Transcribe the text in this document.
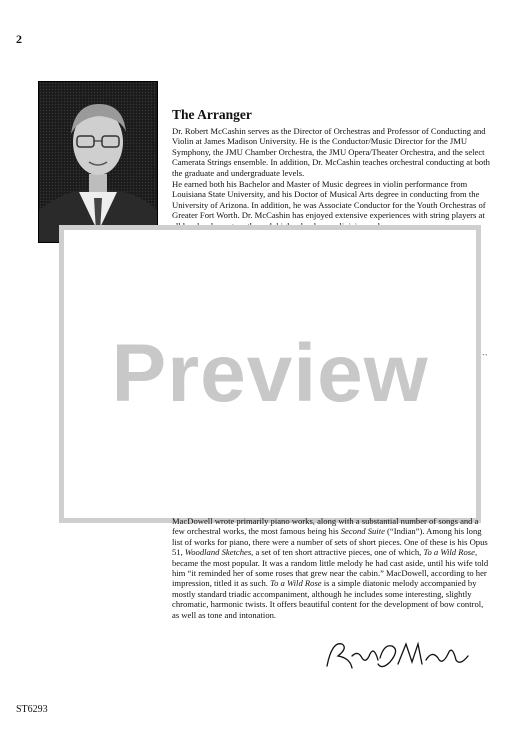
2
The Arranger
Dr. Robert McCashin serves as the Director of Orchestras and Professor of Conducting and Violin at James Madison University. He is the Conductor/Music Director for the JMU Symphony, the JMU Chamber Orchestra, the JMU Opera/Theater Orchestra, and the select Camerata Strings ensemble. In addition, Dr. McCashin teaches orchestral conducting at both the graduate and undergraduate levels.
He earned both his Bachelor and Master of Music degrees in violin performance from Louisiana State University, and his Doctor of Musical Arts degree in conducting from the University of Arizona. In addition, he was Associate Conductor for the Youth Orchestras of Greater Fort Worth. Dr. McCashin has enjoyed extensive experiences with string players at
``
Preview

MacDowell wrote primarily piano works, along with a substantial number of songs and a few orchestral works, the most famous being his Second Suite (“Indian”). Among his long list of works for piano, there were a number of sets of short pieces. One of these is his Opus 51, Woodland Sketches, a set of ten short attractive pieces, one of which, To a Wild Rose, became the most popular. It was a random little melody he had cast aside, until his wife told him “it reminded her of some roses that grew near the cabin.” MacDowell, according to her impression, titled it as such. To a Wild Rose is a simple diatonic melody accompanied by mostly standard triadic accompaniment, although he includes some interesting, slightly chromatic, harmonic twists. It offers beautiful content for the development of bow control, as well as tone and intonation.

ST6293
